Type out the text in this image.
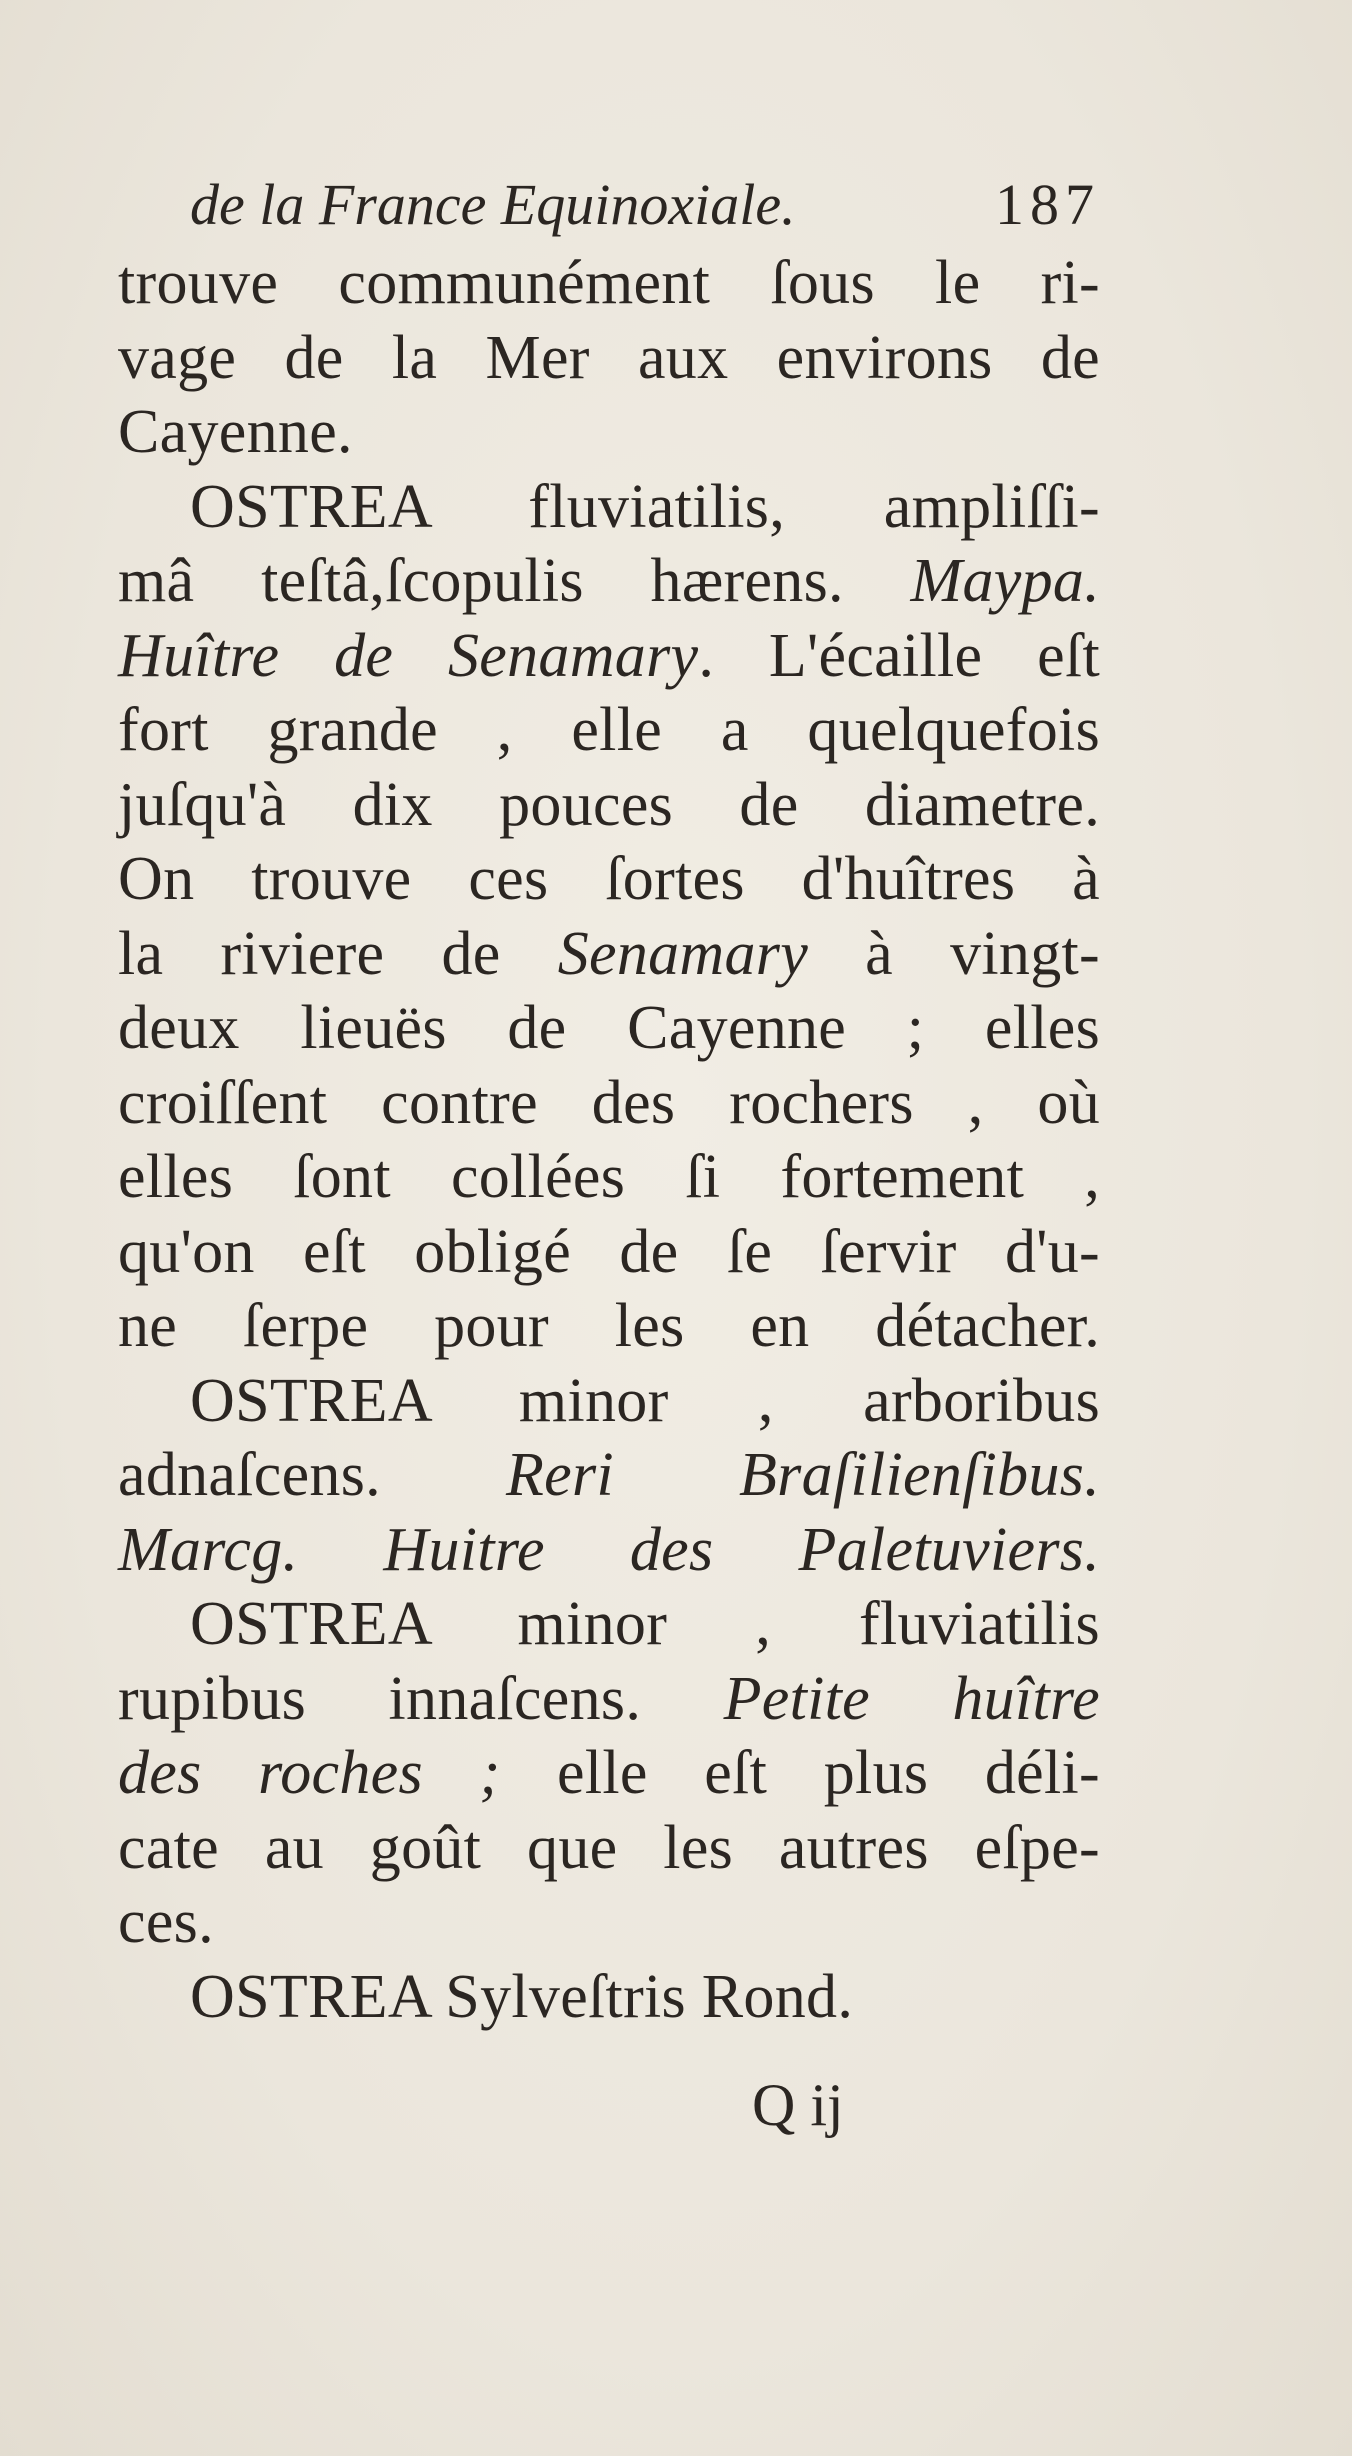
de la France Equinoxiale.	187
trouve communément ſous le ri-
vage de la Mer aux environs de
Cayenne.
OSTREA fluviatilis, ampliſſi-
mâ teſtâ,ſcopulis hærens. Maypa.
Huître de Senamary. L'écaille eſt
fort grande , elle a quelquefois
juſqu'à dix pouces de diametre.
On trouve ces ſortes d'huîtres à
la riviere de Senamary à vingt-
deux lieuës de Cayenne ; elles
croiſſent contre des rochers , où
elles ſont collées ſi fortement ,
qu'on eſt obligé de ſe ſervir d'u-
ne ſerpe pour les en détacher.
OSTREA minor , arboribus
adnaſcens. Reri Braſilienſibus.
Marcg. Huitre des Paletuviers.
OSTREA minor , fluviatilis
rupibus innaſcens. Petite huître
des roches ; elle eſt plus déli-
cate au goût que les autres eſpe-
ces.
OSTREA Sylveſtris Rond.
Q ij
